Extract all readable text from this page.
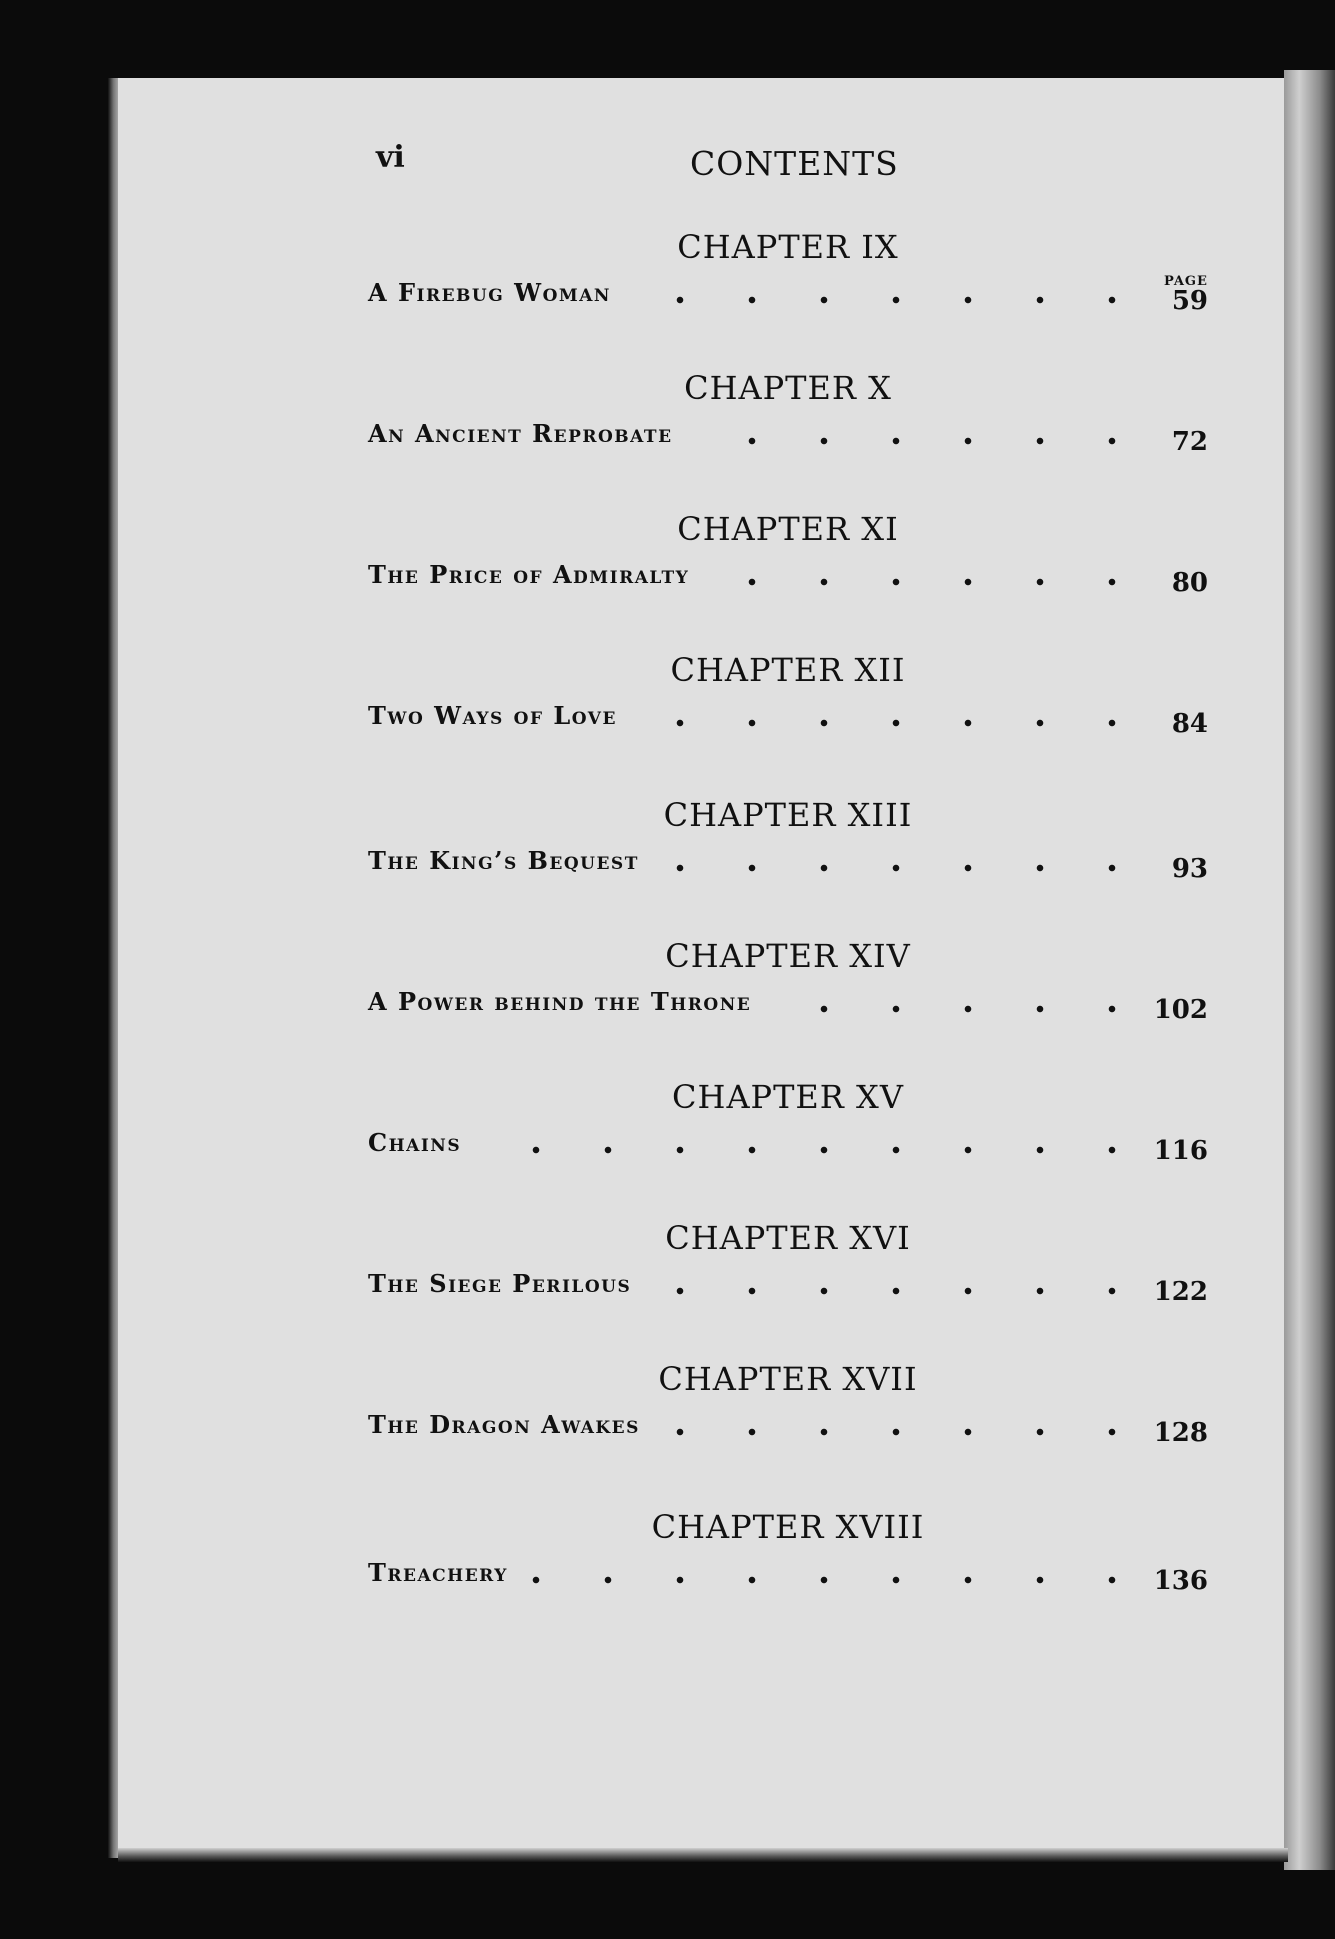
vi	CONTENTS
PAGE
CHAPTER IX
A Firebug Woman	59
CHAPTER X
An Ancient Reprobate	72
CHAPTER XI
The Price of Admiralty	80
CHAPTER XII
Two Ways of Love	84
CHAPTER XIII
The King’s Bequest	93
CHAPTER XIV
A Power behind the Throne	102
CHAPTER XV
Chains	116
CHAPTER XVI
The Siege Perilous	122
CHAPTER XVII
The Dragon Awakes	128
CHAPTER XVIII
Treachery	136
